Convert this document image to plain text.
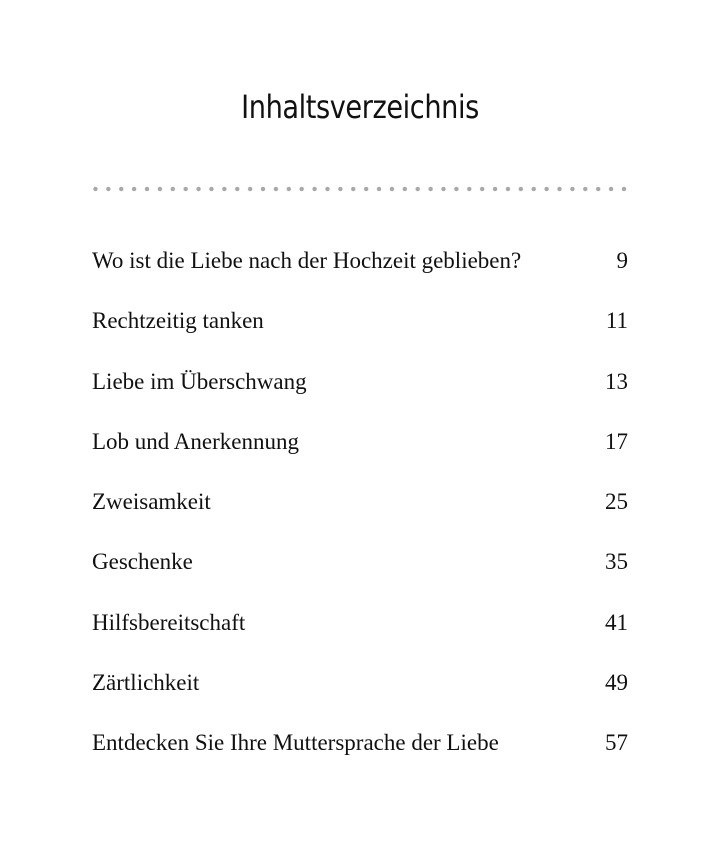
Inhaltsverzeichnis
Wo ist die Liebe nach der Hochzeit geblieben?	9
Rechtzeitig tanken	11
Liebe im Überschwang	13
Lob und Anerkennung	17
Zweisamkeit	25
Geschenke	35
Hilfsbereitschaft	41
Zärtlichkeit	49
Entdecken Sie Ihre Muttersprache der Liebe	57
